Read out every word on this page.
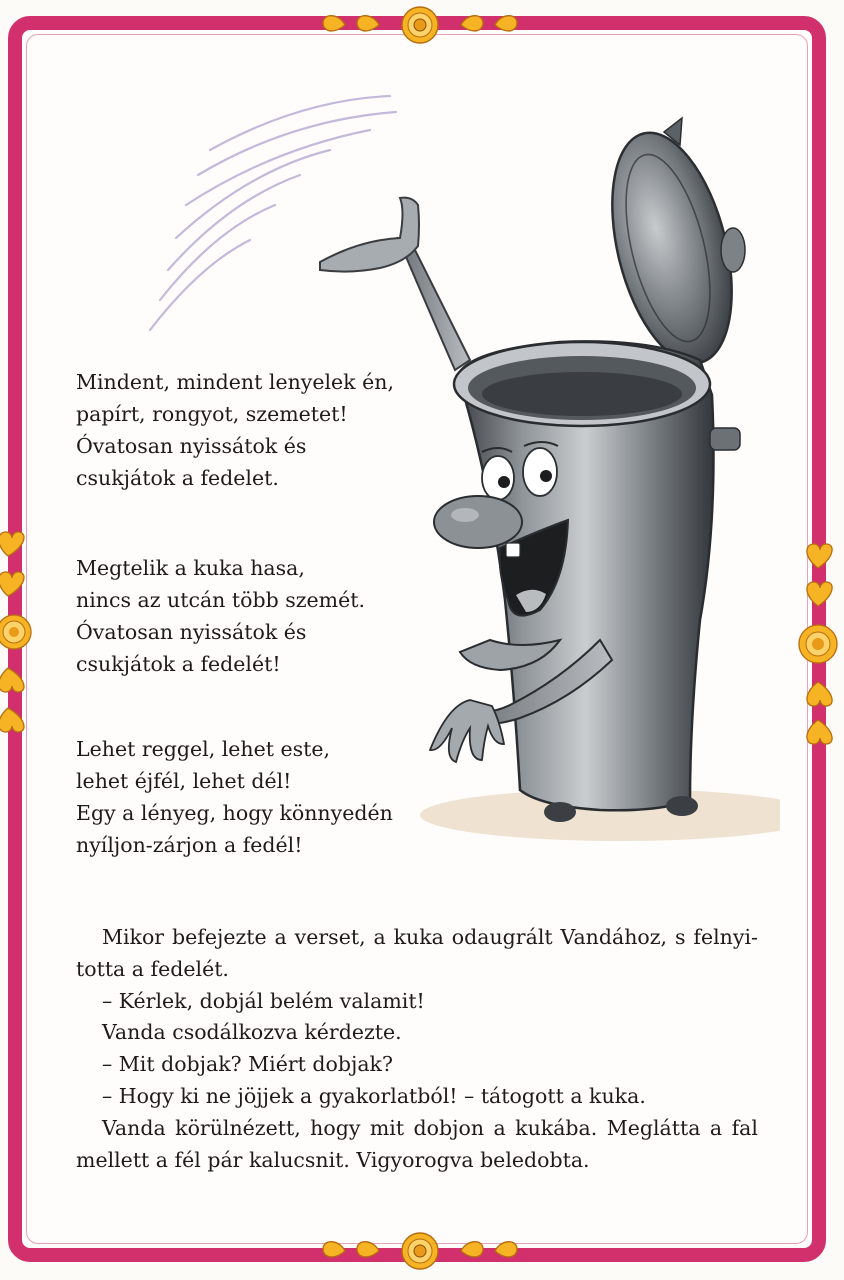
Mindent, mindent lenyelek én,
papírt, rongyot, szemetet!
Óvatosan nyissátok és
csukjátok a fedelet.
Megtelik a kuka hasa,
nincs az utcán több szemét.
Óvatosan nyissátok és
csukjátok a fedelét!
Lehet reggel, lehet este,
lehet éjfél, lehet dél!
Egy a lényeg, hogy könnyedén
nyíljon-zárjon a fedél!
Mikor befejezte a verset, a kuka odaugrált Vandához, s felnyi-

totta a fedelét.

– Kérlek, dobjál belém valamit!

Vanda csodálkozva kérdezte.

– Mit dobjak? Miért dobjak?

– Hogy ki ne jöjjek a gyakorlatból! – tátogott a kuka.

Vanda körülnézett, hogy mit dobjon a kukába. Meglátta a fal

mellett a fél pár kalucsnit. Vigyorogva beledobta.
